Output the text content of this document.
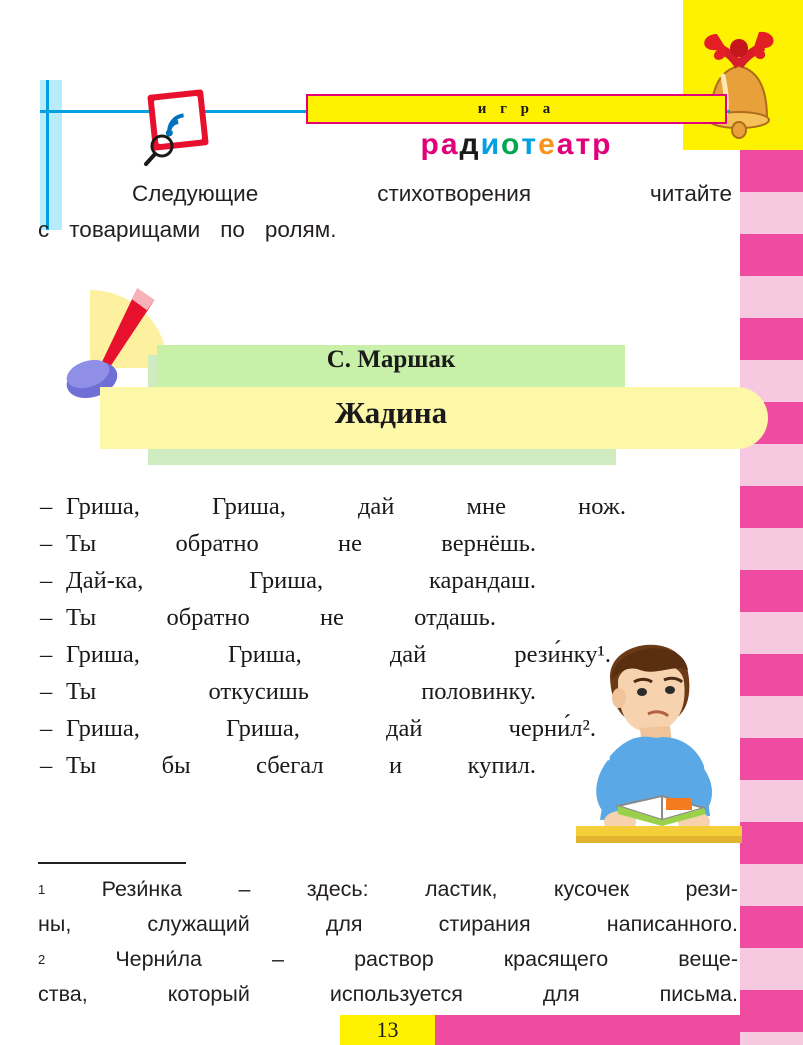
и г р а
радиотеатр
Следующие	стихотворения	читайте
с товарищами по ролям.
С. Маршак
Жадина
– Гриша,	Гриша,	дай	мне	нож.
– Ты	обратно	не	вернёшь.
– Дай-ка,	Гриша,	карандаш.
– Ты	обратно	не	отдашь.
– Гриша,	Гриша,	дай	рези́нку¹.
– Ты	откусишь	половинку.
– Гриша,	Гриша,	дай	черни́л².
– Ты	бы	сбегал	и	купил.
1	Рези́нка	–	здесь:	ластик,	кусочек	рези-
ны,	служащий	для	стирания	написанного.
2	Черни́ла	–	раствор	красящего	веще-
ства,	который	используется	для	письма.
13
